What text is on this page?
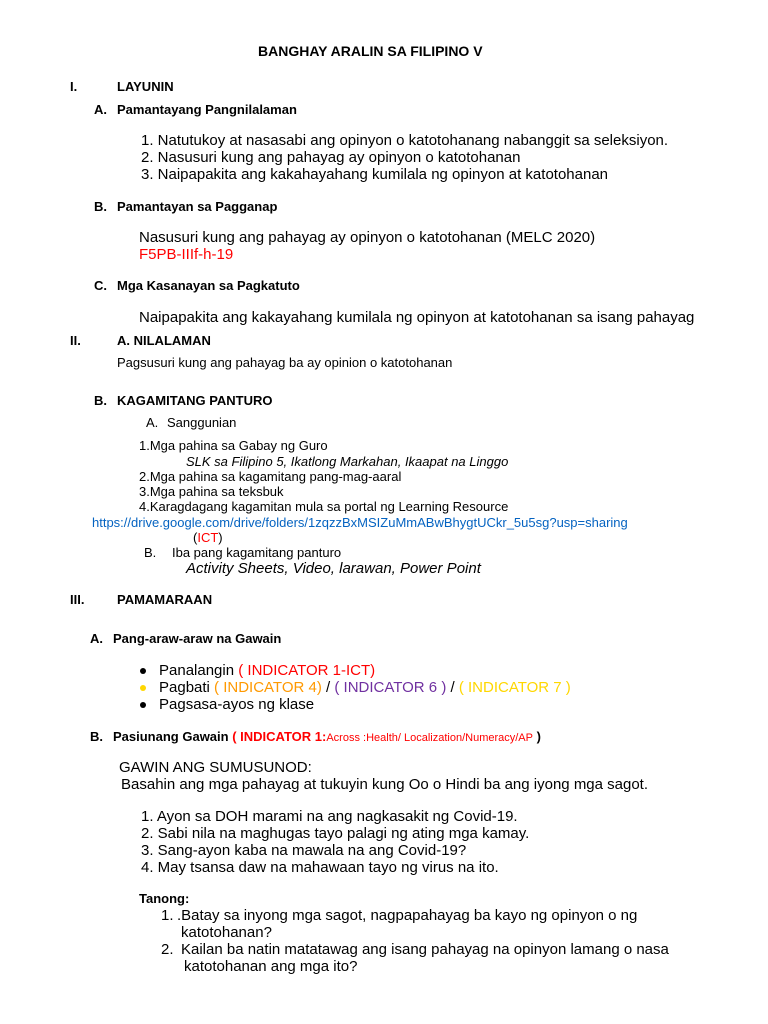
BANGHAY ARALIN SA FILIPINO V
I.	LAYUNIN
A. Pamantayang Pangnilalaman
1. Natutukoy at nasasabi ang opinyon o katotohanang nabanggit sa seleksiyon.
2. Nasusuri kung ang pahayag ay opinyon o katotohanan
3. Naipapakita ang kakahayahang kumilala ng opinyon at katotohanan
B. Pamantayan sa Pagganap
Nasusuri kung ang pahayag ay opinyon o katotohanan (MELC 2020)
F5PB-IIIf-h-19
C. Mga Kasanayan sa Pagkatuto
Naipapakita ang kakayahang kumilala ng opinyon at katotohanan sa isang pahayag
II.	A. NILALAMAN
Pagsusuri kung ang pahayag ba ay opinion o katotohanan
B. KAGAMITANG PANTURO
A. Sanggunian
1.Mga pahina sa Gabay ng Guro
SLK sa Filipino 5, Ikatlong Markahan, Ikaapat na Linggo
2.Mga pahina sa kagamitang pang-mag-aaral
3.Mga pahina sa teksbuk
4.Karagdagang kagamitan mula sa portal ng Learning Resource
https://drive.google.com/drive/folders/1zqzzBxMSIZuMmABwBhygtUCkr_5u5sg?usp=sharing
(ICT)
B. Iba pang kagamitang panturo
Activity Sheets, Video, larawan, Power Point
III.	PAMAMARAAN
A. Pang-araw-araw na Gawain
Panalangin ( INDICATOR 1-ICT)
Pagbati ( INDICATOR 4) / ( INDICATOR 6 ) / ( INDICATOR 7 )
Pagsasa-ayos ng klase
B. Pasiunang Gawain ( INDICATOR 1:Across :Health/ Localization/Numeracy/AP )
GAWIN ANG SUMUSUNOD:
Basahin ang mga pahayag at tukuyin kung Oo o Hindi ba ang iyong mga sagot.
1. Ayon sa DOH marami na ang nagkasakit ng Covid-19.
2. Sabi nila na maghugas tayo palagi ng ating mga kamay.
3. Sang-ayon kaba na mawala na ang Covid-19?
4. May tsansa daw na mahawaan tayo ng virus na ito.
Tanong:
1. .Batay sa inyong mga sagot, nagpapahayag ba kayo ng opinyon o ng
katotohanan?
2. Kailan ba natin matatawag ang isang pahayag na opinyon lamang o nasa
katotohanan ang mga ito?
